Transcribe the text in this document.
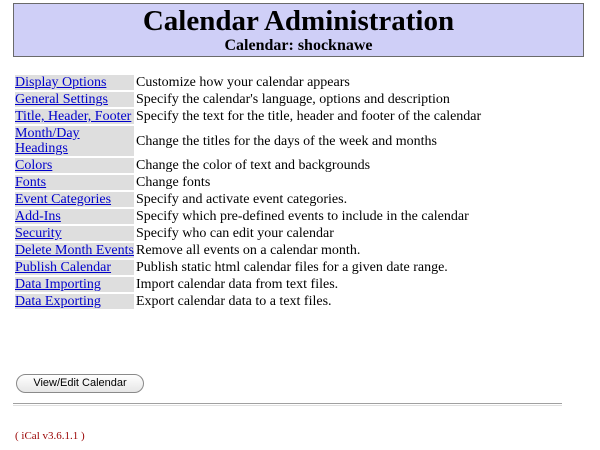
Calendar Administration
Calendar: shocknawe
Display Options	Customize how your calendar appears
General Settings	Specify the calendar's language, options and description
Title, Header, Footer	Specify the text for the title, header and footer of the calendar
Month/Day Headings	Change the titles for the days of the week and months
Colors	Change the color of text and backgrounds
Fonts	Change fonts
Event Categories	Specify and activate event categories.
Add-Ins	Specify which pre-defined events to include in the calendar
Security	Specify who can edit your calendar
Delete Month Events	Remove all events on a calendar month.
Publish Calendar	Publish static html calendar files for a given date range.
Data Importing	Import calendar data from text files.
Data Exporting	Export calendar data to a text files.
View/Edit Calendar
( iCal v3.6.1.1 )
